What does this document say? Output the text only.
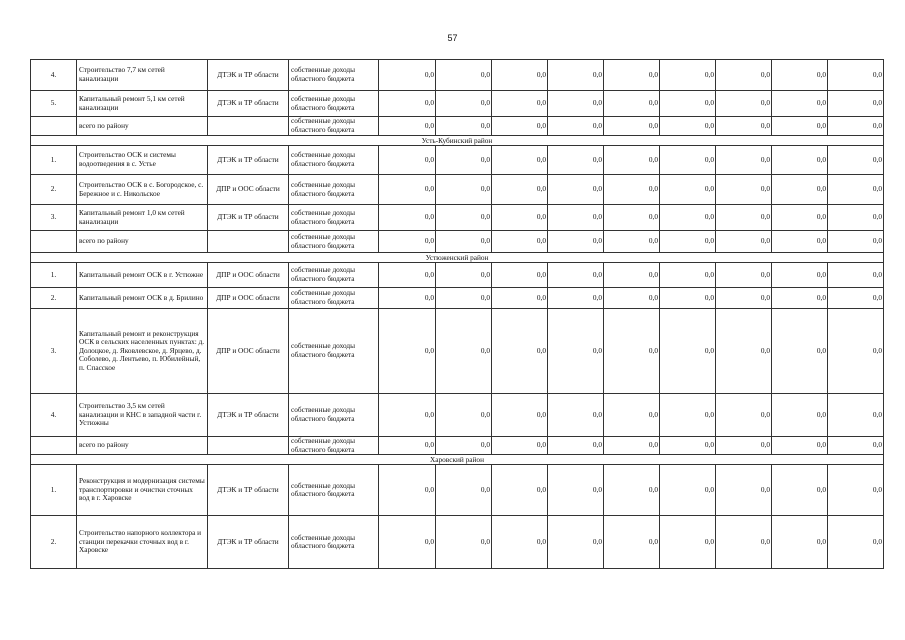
57
4.	Строительство 7,7 км сетей канализации	ДТЭК и ТР области	собственные доходы областного бюджета	0,0	0,0	0,0	0,0	0,0	0,0	0,0	0,0	0,0
5.	Капитальный ремонт 5,1 км сетей канализации	ДТЭК и ТР области	собственные доходы областного бюджета	0,0	0,0	0,0	0,0	0,0	0,0	0,0	0,0	0,0
	всего по району		собственные доходы областного бюджета	0,0	0,0	0,0	0,0	0,0	0,0	0,0	0,0	0,0
Усть-Кубинский район												
1.	Строительство ОСК и системы водоотведения в с. Устье	ДТЭК и ТР области	собственные доходы областного бюджета	0,0	0,0	0,0	0,0	0,0	0,0	0,0	0,0	0,0
2.	Строительство ОСК в с. Богородское, с. Бережное и с. Никольское	ДПР и ООС области	собственные доходы областного бюджета	0,0	0,0	0,0	0,0	0,0	0,0	0,0	0,0	0,0
3.	Капитальный ремонт 1,0 км сетей канализации	ДТЭК и ТР области	собственные доходы областного бюджета	0,0	0,0	0,0	0,0	0,0	0,0	0,0	0,0	0,0
	всего по району		собственные доходы областного бюджета	0,0	0,0	0,0	0,0	0,0	0,0	0,0	0,0	0,0
Устюженский район												
1.	Капитальный ремонт ОСК в г. Устюжне	ДПР и ООС области	собственные доходы областного бюджета	0,0	0,0	0,0	0,0	0,0	0,0	0,0	0,0	0,0
2.	Капитальный ремонт ОСК в д. Брилино	ДПР и ООС области	собственные доходы областного бюджета	0,0	0,0	0,0	0,0	0,0	0,0	0,0	0,0	0,0
3.	Капитальный ремонт и реконструкция ОСК в сельских населенных пунктах: д. Долоцкое, д. Яковлевское, д. Ярцево, д. Соболево, д. Лентьево, п. Юбилейный, п. Спасское	ДПР и ООС области	собственные доходы областного бюджета	0,0	0,0	0,0	0,0	0,0	0,0	0,0	0,0	0,0
4.	Строительство 3,5 км сетей канализации и КНС в западной части г. Устюжны	ДТЭК и ТР области	собственные доходы областного бюджета	0,0	0,0	0,0	0,0	0,0	0,0	0,0	0,0	0,0
	всего по району		собственные доходы областного бюджета	0,0	0,0	0,0	0,0	0,0	0,0	0,0	0,0	0,0
Харовский район												
1.	Реконструкция и модернизация системы транспортировки и очистки сточных вод в г. Харовске	ДТЭК и ТР области	собственные доходы областного бюджета	0,0	0,0	0,0	0,0	0,0	0,0	0,0	0,0	0,0
2.	Строительство напорного коллектора и станции перекачки сточных вод в г. Харовске	ДТЭК и ТР области	собственные доходы областного бюджета	0,0	0,0	0,0	0,0	0,0	0,0	0,0	0,0	0,0
